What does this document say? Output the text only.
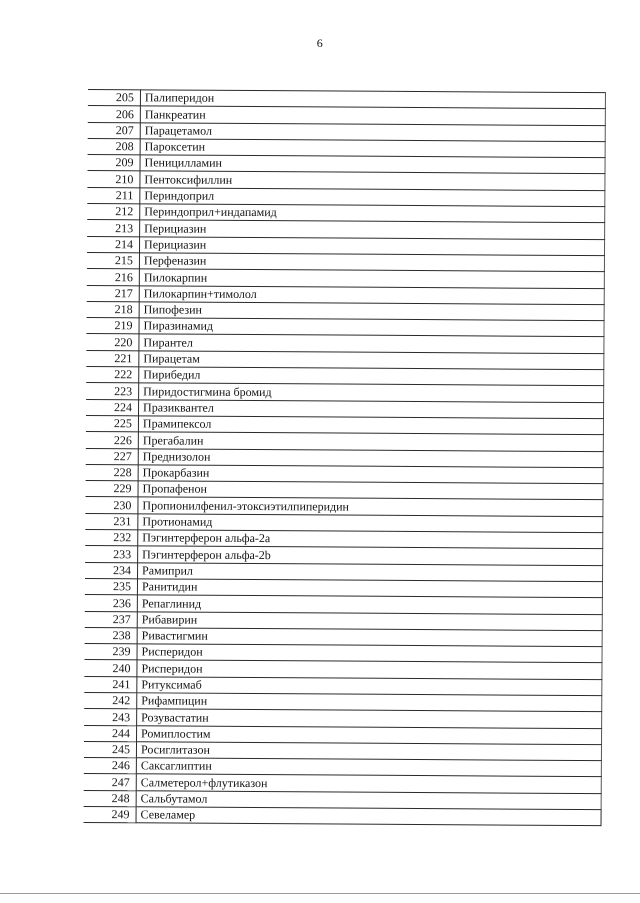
6
205	Палиперидон
206	Панкреатин
207	Парацетамол
208	Пароксетин
209	Пеницилламин
210	Пентоксифиллин
211	Периндоприл
212	Периндоприл+индапамид
213	Перициазин
214	Перициазин
215	Перфеназин
216	Пилокарпин
217	Пилокарпин+тимолол
218	Пипофезин
219	Пиразинамид
220	Пирантел
221	Пирацетам
222	Пирибедил
223	Пиридостигмина бромид
224	Празиквантел
225	Прамипексол
226	Прегабалин
227	Преднизолон
228	Прокарбазин
229	Пропафенон
230	Пропионилфенил-этоксиэтилпиперидин
231	Протионамид
232	Пэгинтерферон альфа-2а
233	Пэгинтерферон альфа-2b
234	Рамиприл
235	Ранитидин
236	Репаглинид
237	Рибавирин
238	Ривастигмин
239	Рисперидон
240	Рисперидон
241	Ритуксимаб
242	Рифампицин
243	Розувастатин
244	Ромиплостим
245	Росиглитазон
246	Саксаглиптин
247	Салметерол+флутиказон
248	Сальбутамол
249	Севеламер
